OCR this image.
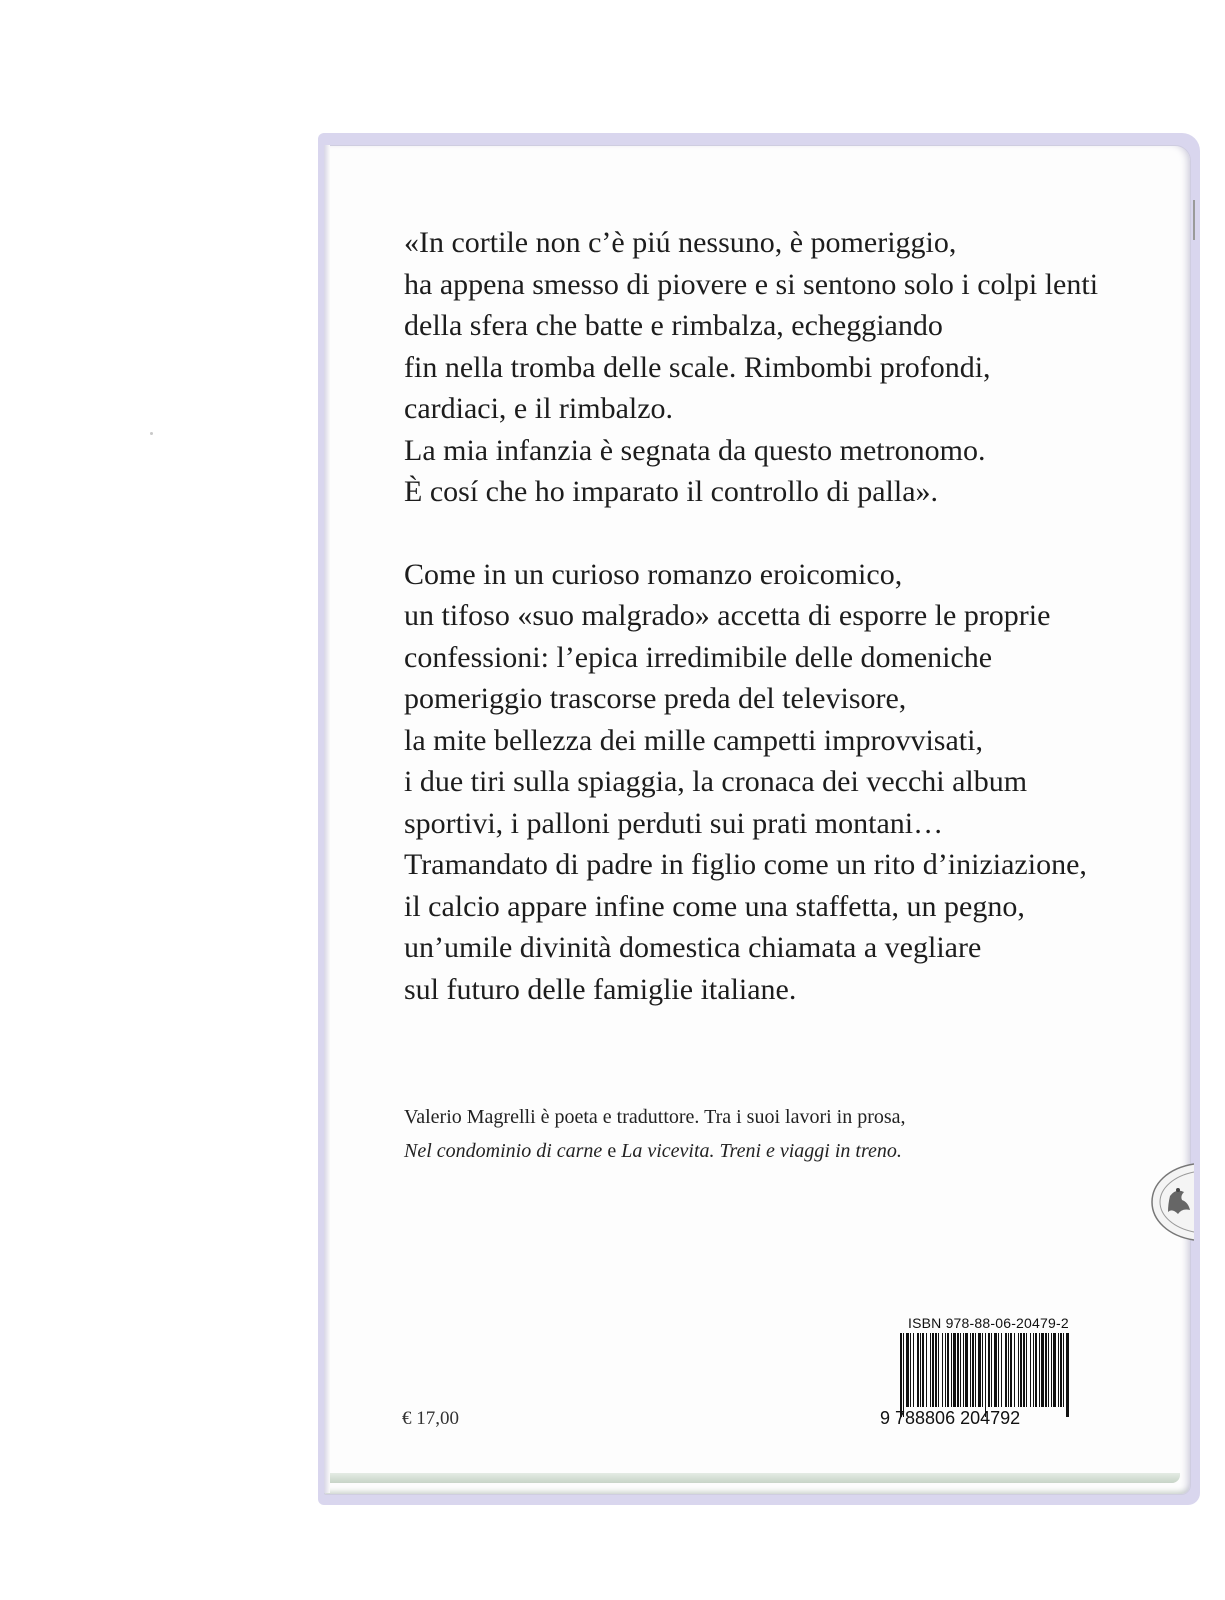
«In cortile non c’è piú nessuno, è pomeriggio,
ha appena smesso di piovere e si sentono solo i colpi lenti
della sfera che batte e rimbalza, echeggiando
fin nella tromba delle scale. Rimbombi profondi,
cardiaci, e il rimbalzo.
La mia infanzia è segnata da questo metronomo.
È cosí che ho imparato il controllo di palla».

Come in un curioso romanzo eroicomico,
un tifoso «suo malgrado» accetta di esporre le proprie
confessioni: l’epica irredimibile delle domeniche
pomeriggio trascorse preda del televisore,
la mite bellezza dei mille campetti improvvisati,
i due tiri sulla spiaggia, la cronaca dei vecchi album
sportivi, i palloni perduti sui prati montani…
Tramandato di padre in figlio come un rito d’iniziazione,
il calcio appare infine come una staffetta, un pegno,
un’umile divinità domestica chiamata a vegliare
sul futuro delle famiglie italiane.

Valerio Magrelli è poeta e traduttore. Tra i suoi lavori in prosa,
Nel condominio di carne e La vicevita. Treni e viaggi in treno.
€ 17,00
ISBN 978-88-06-20479-2
9 788806 204792
